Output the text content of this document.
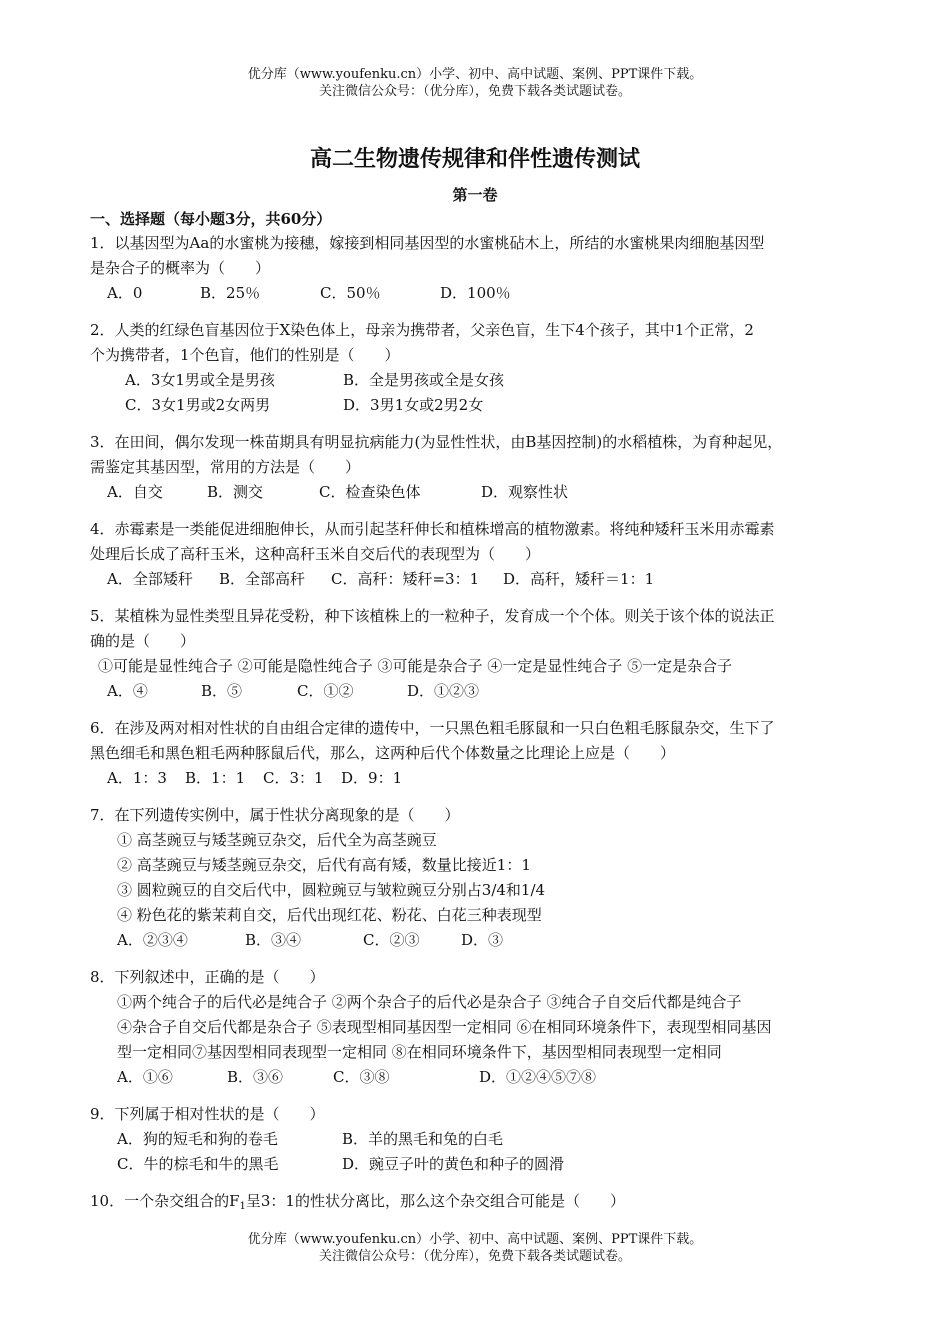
优分库（www.youfenku.cn）小学、初中、高中试题、案例、PPT课件下载。
关注微信公众号：（优分库），免费下载各类试题试卷。
高二生物遗传规律和伴性遗传测试
第一卷
一、选择题（每小题3分，共60分）
1．以基因型为Aa的水蜜桃为接穗，嫁接到相同基因型的水蜜桃砧木上，所结的水蜜桃果肉细胞基因型
是杂合子的概率为（　　）
A．0	B．25％	C．50％	D．100％
2．人类的红绿色盲基因位于X染色体上，母亲为携带者，父亲色盲，生下4个孩子，其中1个正常，2
个为携带者，1个色盲，他们的性别是（　　）
A．3女1男或全是男孩	B．全是男孩或全是女孩
C．3女1男或2女两男	D．3男1女或2男2女
3．在田间，偶尔发现一株苗期具有明显抗病能力(为显性性状，由B基因控制)的水稻植株，为育种起见，
需鉴定其基因型，常用的方法是（　　）
A．自交	B．测交	C．检查染色体	D．观察性状
4．赤霉素是一类能促进细胞伸长，从而引起茎秆伸长和植株增高的植物激素。将纯种矮秆玉米用赤霉素
处理后长成了高秆玉米，这种高秆玉米自交后代的表现型为（　　）
A．全部矮秆 B．全部高秆 C．高秆：矮秆=3：1 D．高秆，矮秆＝1：1
5．某植株为显性类型且异花受粉，种下该植株上的一粒种子，发育成一个个体。则关于该个体的说法正
确的是（　　）
①可能是显性纯合子 ②可能是隐性纯合子 ③可能是杂合子 ④一定是显性纯合子 ⑤一定是杂合子
A．④	B．⑤	C．①②	D．①②③
6．在涉及两对相对性状的自由组合定律的遗传中，一只黑色粗毛豚鼠和一只白色粗毛豚鼠杂交，生下了
黑色细毛和黑色粗毛两种豚鼠后代，那么，这两种后代个体数量之比理论上应是（　　）
A．1：3 B．1：1 C．3：1 D．9：1
7．在下列遗传实例中，属于性状分离现象的是（　　）
① 高茎豌豆与矮茎豌豆杂交，后代全为高茎豌豆
② 高茎豌豆与矮茎豌豆杂交，后代有高有矮，数量比接近1：1
③ 圆粒豌豆的自交后代中，圆粒豌豆与皱粒豌豆分别占3/4和1/4
④ 粉色花的紫茉莉自交，后代出现红花、粉花、白花三种表现型
A．②③④	B．③④	C．②③	D．③
8．下列叙述中，正确的是（　　）
①两个纯合子的后代必是纯合子 ②两个杂合子的后代必是杂合子 ③纯合子自交后代都是纯合子
④杂合子自交后代都是杂合子 ⑤表现型相同基因型一定相同 ⑥在相同环境条件下，表现型相同基因
型一定相同⑦基因型相同表现型一定相同 ⑧在相同环境条件下，基因型相同表现型一定相同
A．①⑥	B．③⑥	C．③⑧	D．①②④⑤⑦⑧
9．下列属于相对性状的是（　　）
A．狗的短毛和狗的卷毛	B．羊的黑毛和兔的白毛
C．牛的棕毛和牛的黑毛	D．豌豆子叶的黄色和种子的圆滑
10．一个杂交组合的$F_1$呈3：1的性状分离比，那么这个杂交组合可能是（　　）
优分库（www.youfenku.cn）小学、初中、高中试题、案例、PPT课件下载。
关注微信公众号：（优分库），免费下载各类试题试卷。
